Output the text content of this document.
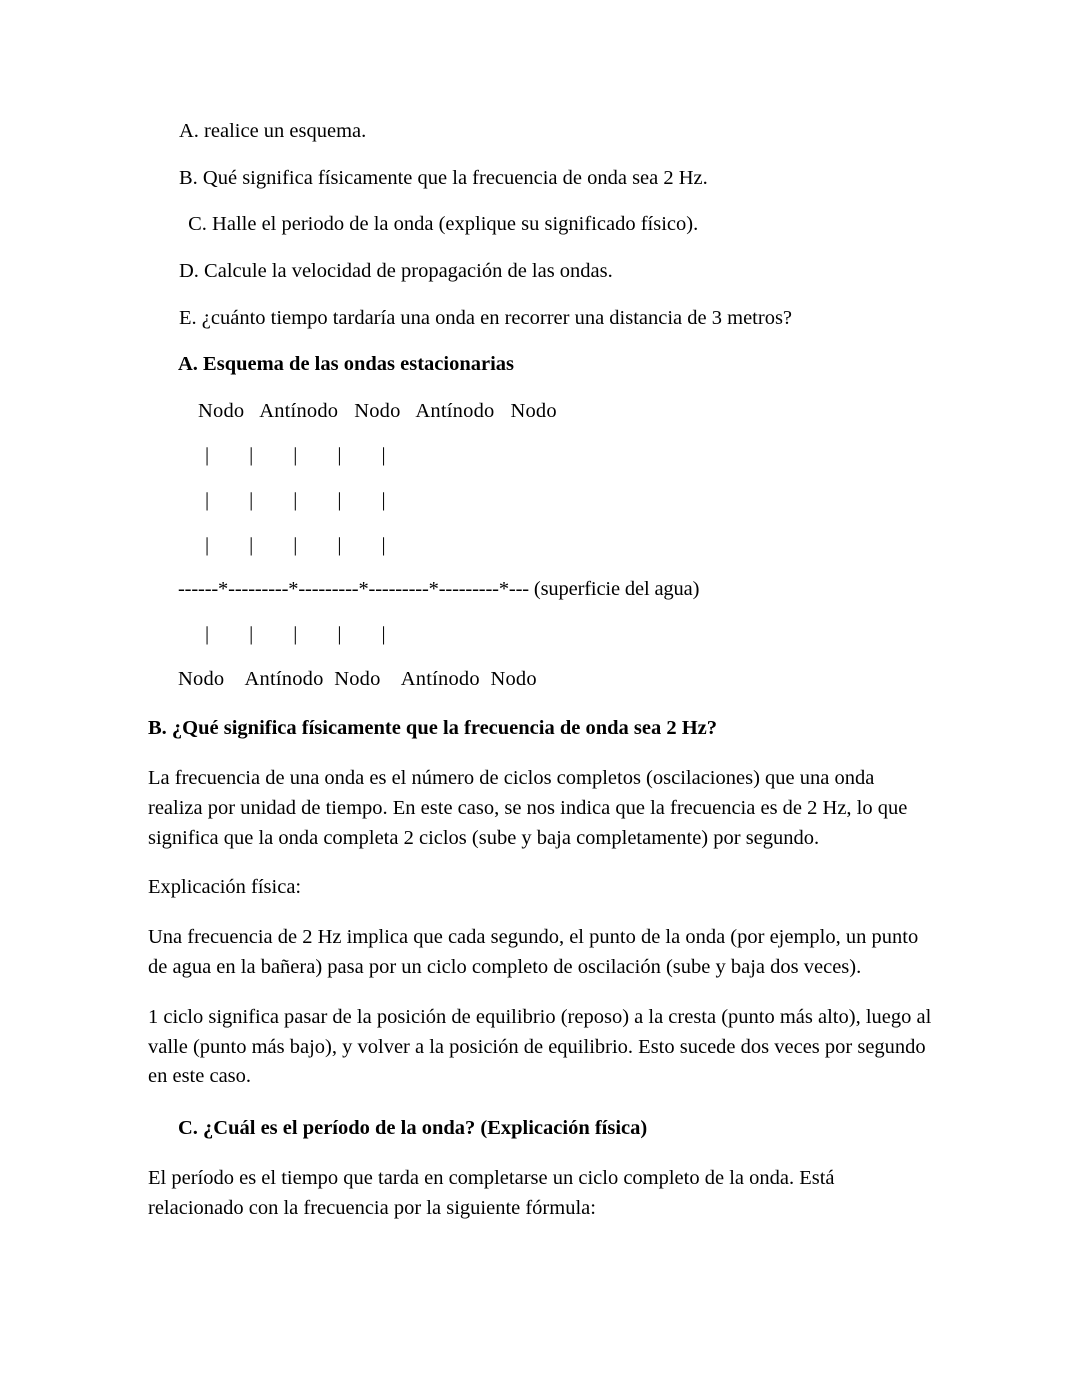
A. realice un esquema.

B. Qué significa físicamente que la frecuencia de onda sea 2 Hz.

C. Halle el periodo de la onda (explique su significado físico).

D. Calcule la velocidad de propagación de las ondas.

E. ¿cuánto tiempo tardaría una onda en recorrer una distancia de 3 metros?

A. Esquema de las ondas estacionarias

Nodo   Antínodo   Nodo   Antínodo   Nodo
|     |     |     |     |
|     |     |     |     |
|     |     |     |     |
------*---------*---------*---------*---------*--- (superficie del agua)
|     |     |     |     |
Nodo    Antínodo  Nodo    Antínodo  Nodo

B. ¿Qué significa físicamente que la frecuencia de onda sea 2 Hz?

La frecuencia de una onda es el número de ciclos completos (oscilaciones) que una onda realiza por unidad de tiempo. En este caso, se nos indica que la frecuencia es de 2 Hz, lo que significa que la onda completa 2 ciclos (sube y baja completamente) por segundo.

Explicación física:

Una frecuencia de 2 Hz implica que cada segundo, el punto de la onda (por ejemplo, un punto de agua en la bañera) pasa por un ciclo completo de oscilación (sube y baja dos veces).

1 ciclo significa pasar de la posición de equilibrio (reposo) a la cresta (punto más alto), luego al valle (punto más bajo), y volver a la posición de equilibrio. Esto sucede dos veces por segundo en este caso.

C. ¿Cuál es el período de la onda? (Explicación física)

El período es el tiempo que tarda en completarse un ciclo completo de la onda. Está relacionado con la frecuencia por la siguiente fórmula:
